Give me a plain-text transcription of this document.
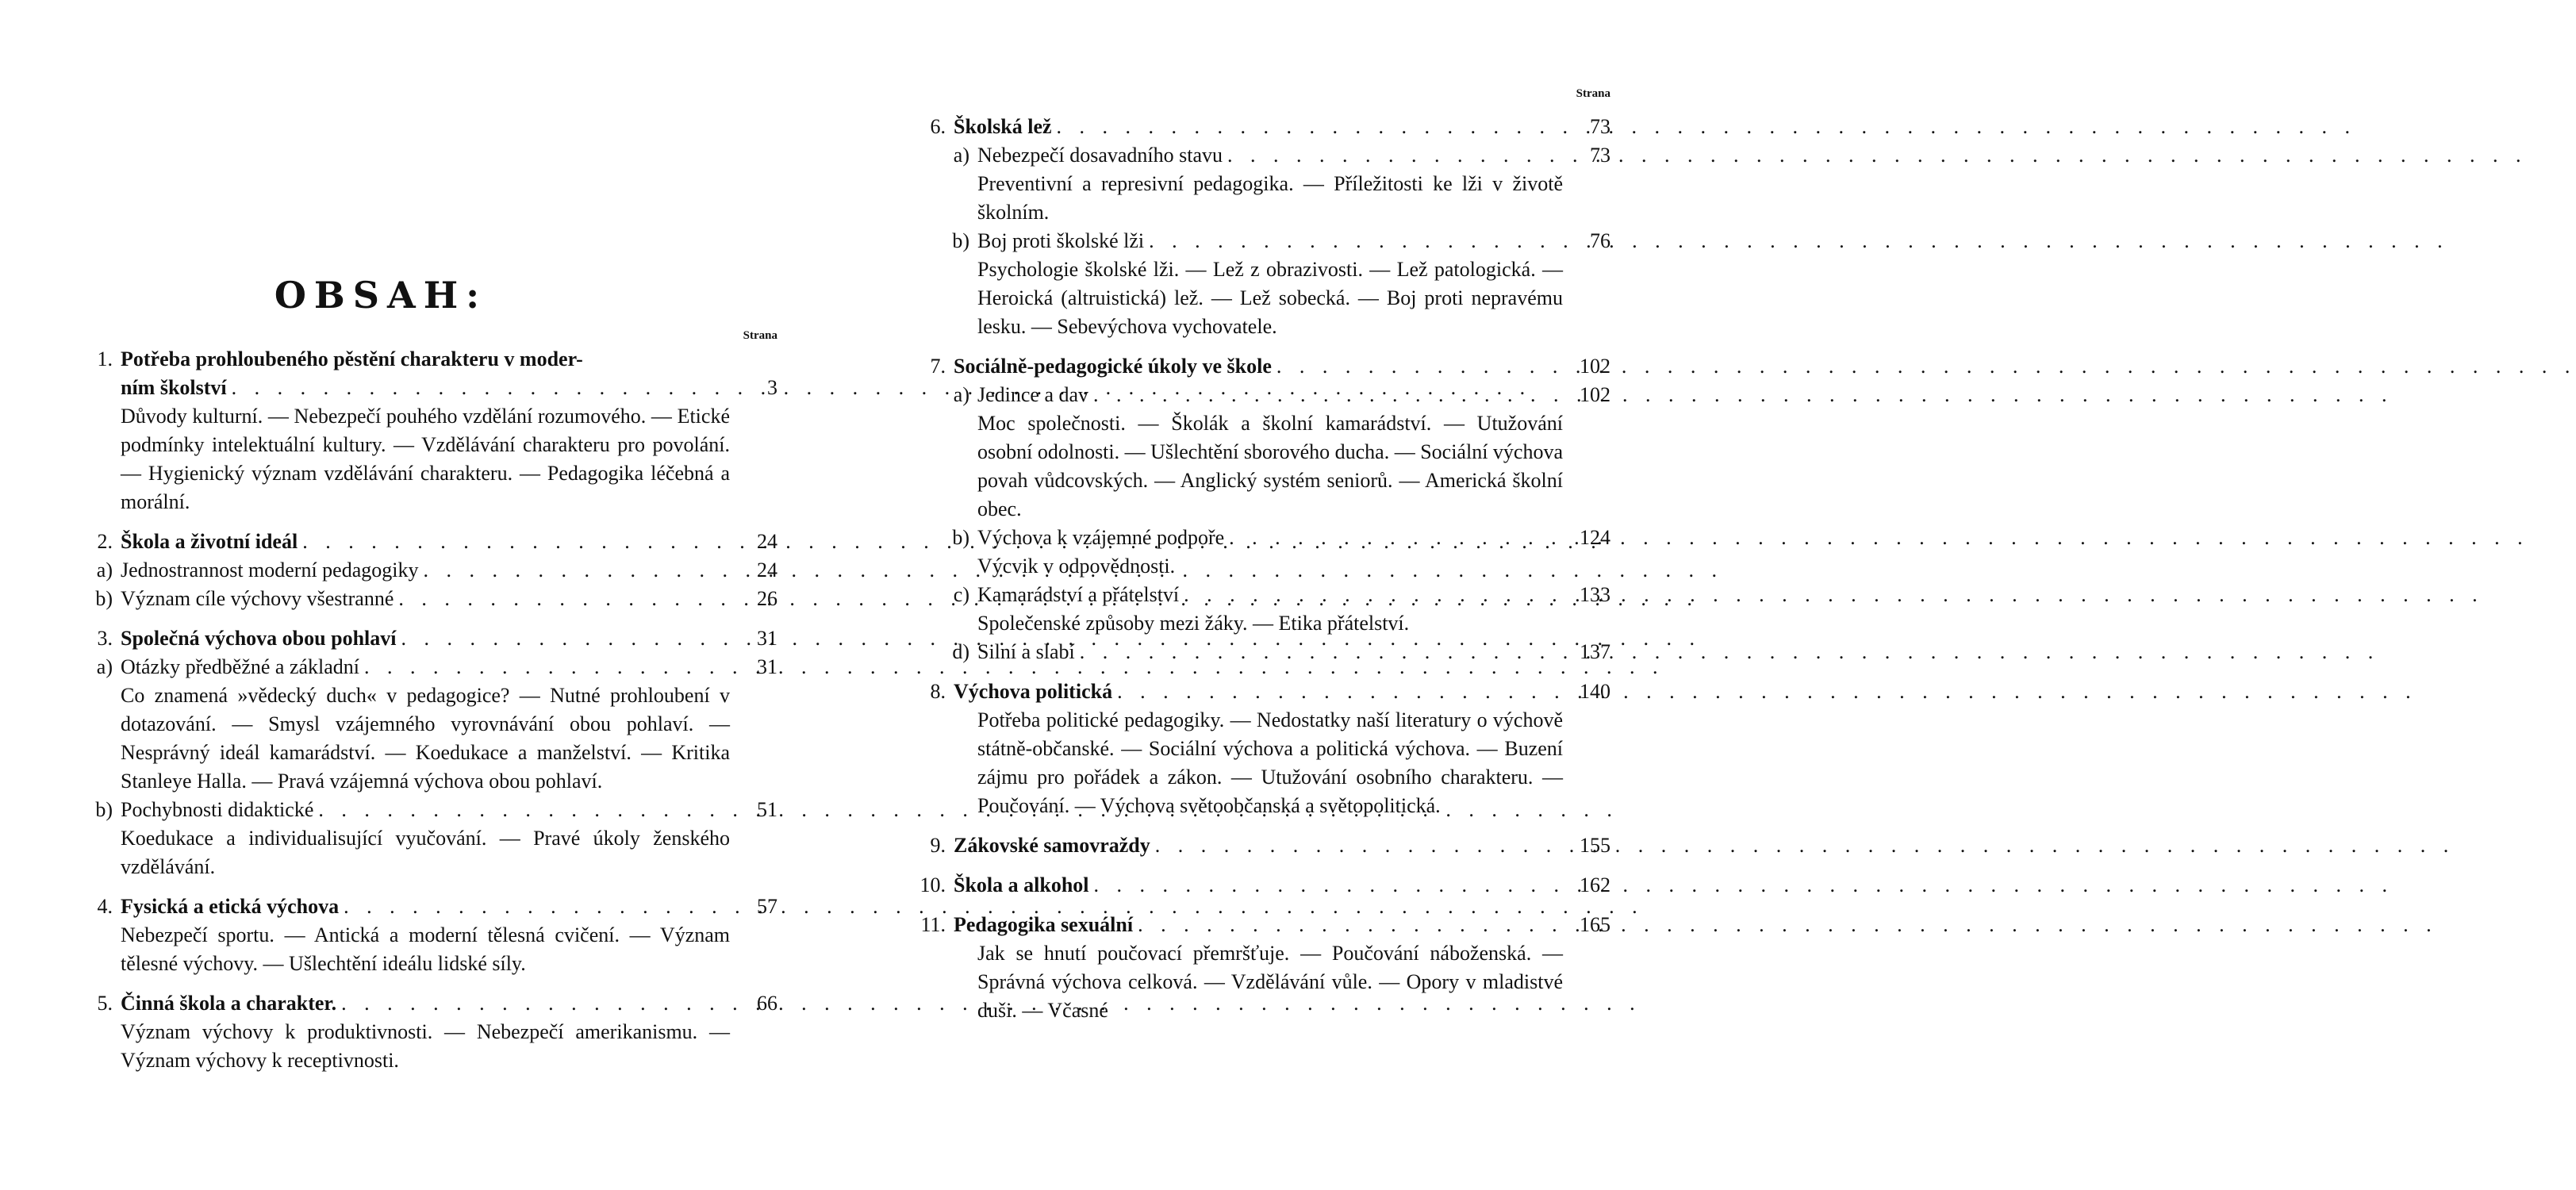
OBSAH:
Strana
1. Potřeba prohloubeného pěstění charakteru v moder-
ním školství . . .	3
Důvody kulturní. — Nebezpečí pouhého vzdělání rozumového. — Etické podmínky intelektuální kultury. — Vzdělávání charakteru pro povolání. — Hygienický význam vzdělávání charakteru. — Pedagogika léčebná a morální.
2. Škola a životní ideál . . .	24
a) Jednostrannost moderní pedagogiky . . .	24
b) Význam cíle výchovy všestranné . . .	26
3. Společná výchova obou pohlaví . . .	31
a) Otázky předběžné a základní . . .	31
Co znamená »vědecký duch« v pedagogice? — Nutné prohloubení v dotazování. — Smysl vzájemného vyrovnávání obou pohlaví. — Nesprávný ideál kamarádství. — Koedukace a manželství. — Kritika Stanleye Halla. — Pravá vzájemná výchova obou pohlaví.
b) Pochybnosti didaktické . . .	51
Koedukace a individualisující vyučování. — Pravé úkoly ženského vzdělávání.
4. Fysická a etická výchova . . .	57
Nebezpečí sportu. — Antická a moderní tělesná cvičení. — Význam tělesné výchovy. — Ušlechtění ideálu lidské síly.
5. Činná škola a charakter. . . .	66
Význam výchovy k produktivnosti. — Nebezpečí amerikanismu. — Význam výchovy k receptivnosti.
Strana
6. Školská lež . . .	73
a) Nebezpečí dosavadního stavu . . .	73
Preventivní a represivní pedagogika. — Příležitosti ke lži v životě školním.
b) Boj proti školské lži . . .	76
Psychologie školské lži. — Lež z obrazivosti. — Lež patologická. — Heroická (altruistická) lež. — Lež sobecká. — Boj proti nepravému lesku. — Sebevýchova vychovatele.
7. Sociálně-pedagogické úkoly ve škole . . .	102
a) Jedince a dav . . .	102
Moc společnosti. — Školák a školní kamarádství. — Utužování osobní odolnosti. — Ušlechtění sborového ducha. — Sociální výchova povah vůdcovských. — Anglický systém seniorů. — Americká školní obec.
b) Výchova k vzájemné podpoře . . .	124
Výcvik v odpovědnosti.
c) Kamarádství a přátelství . . .	133
Společenské způsoby mezi žáky. — Etika přátelství.
d) Silní a slabí . . .	137
8. Výchova politická . . .	140
Potřeba politické pedagogiky. — Nedostatky naší literatury o výchově státně-občanské. — Sociální výchova a politická výchova. — Buzení zájmu pro pořádek a zákon. — Utužování osobního charakteru. — Poučování. — Výchova světoobčanská a světopolitická.
9. Zákovské samovraždy . . .	155
10. Škola a alkohol . . .	162
11. Pedagogika sexuální . . .	165
Jak se hnutí poučovací přemršťuje. — Poučování náboženská. — Správná výchova celková. — Vzdělávání vůle. — Opory v mladistvé duši. — Včasné
